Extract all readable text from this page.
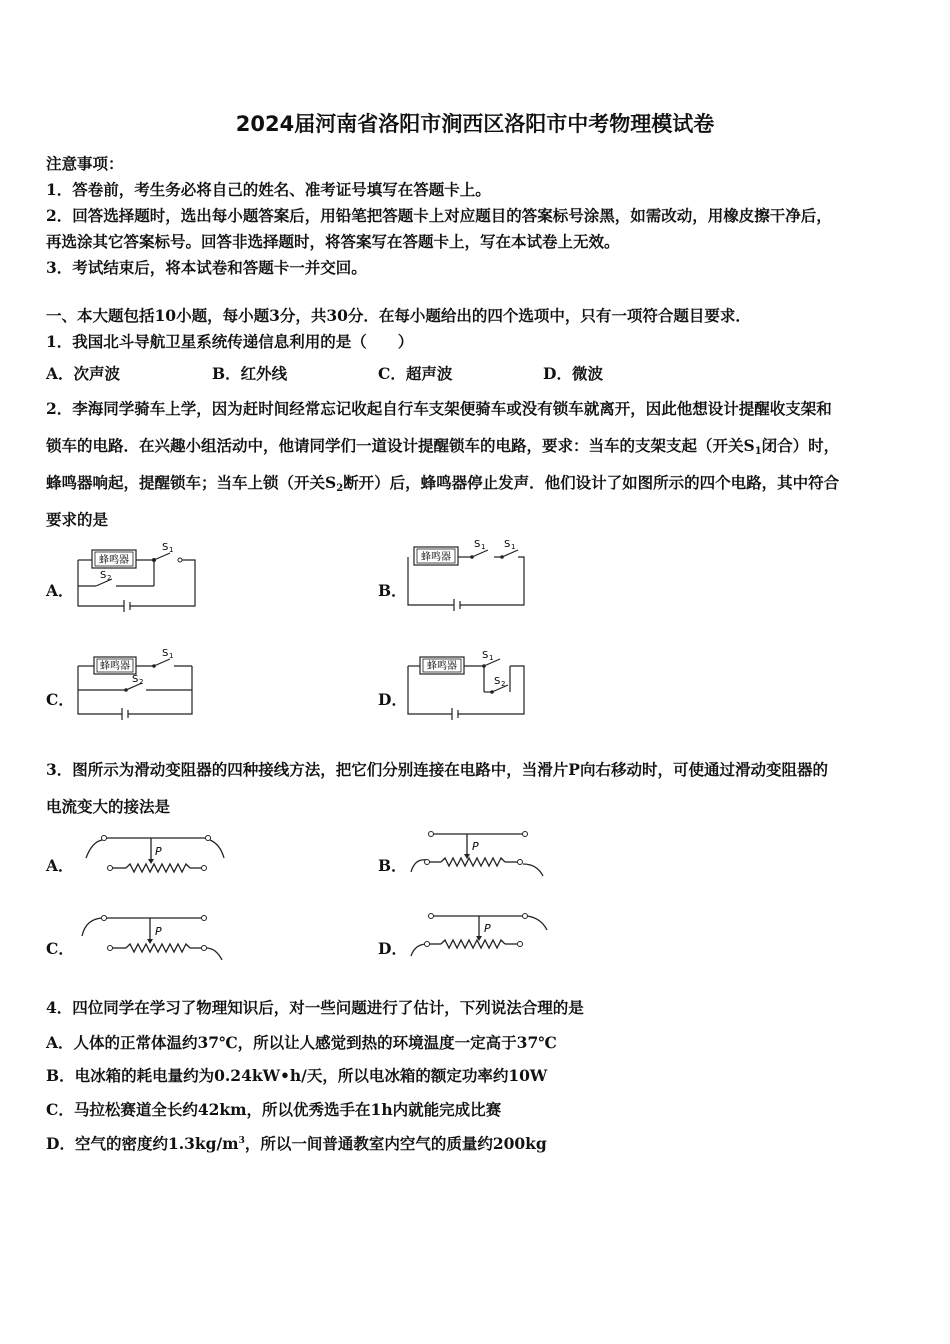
2024届河南省洛阳市涧西区洛阳市中考物理模试卷
注意事项：
1．答卷前，考生务必将自己的姓名、准考证号填写在答题卡上。
2．回答选择题时，选出每小题答案后，用铅笔把答题卡上对应题目的答案标号涂黑，如需改动，用橡皮擦干净后，
再选涂其它答案标号。回答非选择题时，将答案写在答题卡上，写在本试卷上无效。
3．考试结束后，将本试卷和答题卡一并交回。
一、本大题包括10小题，每小题3分，共30分．在每小题给出的四个选项中，只有一项符合题目要求．
1．我国北斗导航卫星系统传递信息利用的是（　　）
A．次声波	B．红外线	C．超声波	D．微波
2．李海同学骑车上学，因为赶时间经常忘记收起自行车支架便骑车或没有锁车就离开，因此他想设计提醒收支架和
锁车的电路．在兴趣小组活动中，他请同学们一道设计提醒锁车的电路，要求：当车的支架支起（开关S1闭合）时，
蜂鸣器响起，提醒锁车；当车上锁（开关S2断开）后，蜂鸣器停止发声．他们设计了如图所示的四个电路，其中符合
要求的是
A．	B．
C．	D．
蜂鸣器
S 1
S 2
蜂鸣器
S 1 S 1
蜂鸣器
S 1
S 2
蜂鸣器
S 1
S 2
3．图所示为滑动变阻器的四种接线方法，把它们分别连接在电路中，当滑片P向右移动时，可使通过滑动变阻器的
电流变大的接法是
A．	B．
C．	D．
P	P
P	P
4．四位同学在学习了物理知识后，对一些问题进行了估计，下列说法合理的是
A．人体的正常体温约37℃，所以让人感觉到热的环境温度一定高于37℃
B．电冰箱的耗电量约为0.24kW•h/天，所以电冰箱的额定功率约10W
C．马拉松赛道全长约42km，所以优秀选手在1h内就能完成比赛
D．空气的密度约$1.3kg/m^3$，所以一间普通教室内空气的质量约200kg
